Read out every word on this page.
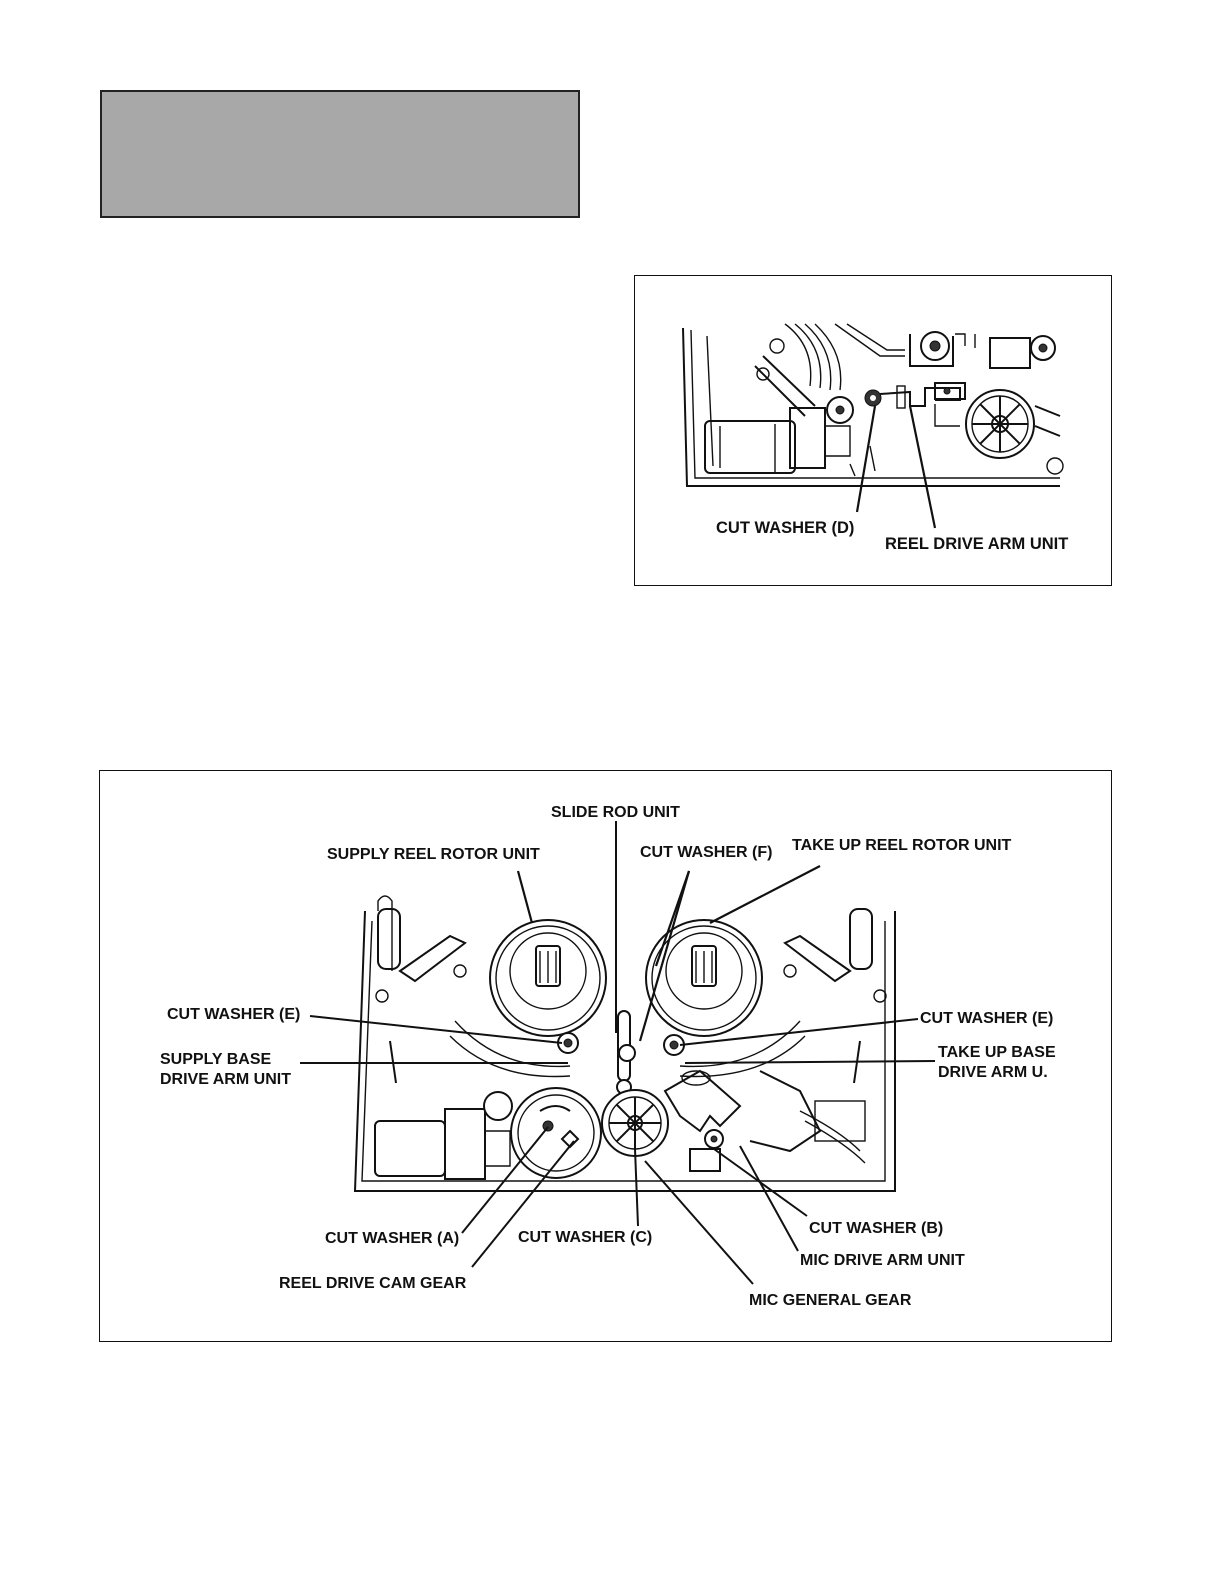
CUT WASHER (D)
REEL DRIVE ARM UNIT
SLIDE ROD UNIT
SUPPLY REEL ROTOR UNIT	CUT WASHER (F) TAKE UP REEL ROTOR UNIT
CUT WASHER (E)	CUT WASHER (E)
SUPPLY BASE
DRIVE ARM UNIT
TAKE UP BASE
DRIVE ARM U.
CUT WASHER (A)	CUT WASHER (C)
CUT WASHER (B)
MIC DRIVE ARM UNIT
REEL DRIVE CAM GEAR
MIC GENERAL GEAR
